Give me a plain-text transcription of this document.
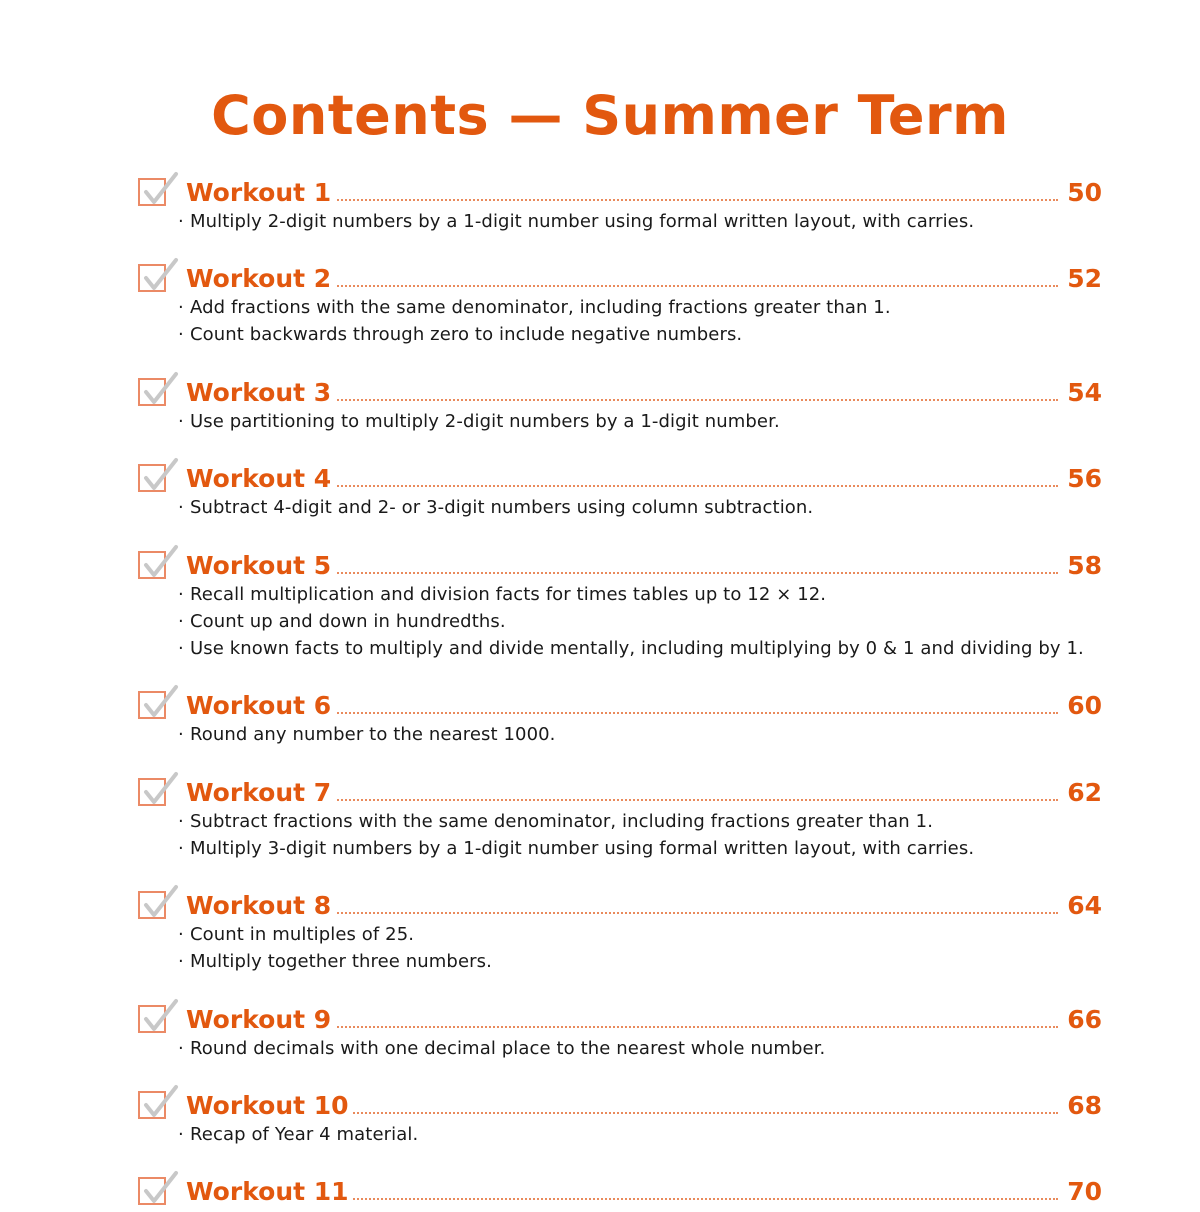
Contents — Summer Term
Workout 1	50
· Multiply 2-digit numbers by a 1-digit number using formal written layout, with carries.
Workout 2	52
· Add fractions with the same denominator, including fractions greater than 1.
· Count backwards through zero to include negative numbers.
Workout 3	54
· Use partitioning to multiply 2-digit numbers by a 1-digit number.
Workout 4	56
· Subtract 4-digit and 2- or 3-digit numbers using column subtraction.
Workout 5	58
· Recall multiplication and division facts for times tables up to 12 × 12.
· Count up and down in hundredths.
· Use known facts to multiply and divide mentally, including multiplying by 0 & 1 and dividing by 1.
Workout 6	60
· Round any number to the nearest 1000.
Workout 7	62
· Subtract fractions with the same denominator, including fractions greater than 1.
· Multiply 3-digit numbers by a 1-digit number using formal written layout, with carries.
Workout 8	64
· Count in multiples of 25.
· Multiply together three numbers.
Workout 9	66
· Round decimals with one decimal place to the nearest whole number.
Workout 10	68
· Recap of Year 4 material.
Workout 11	70
